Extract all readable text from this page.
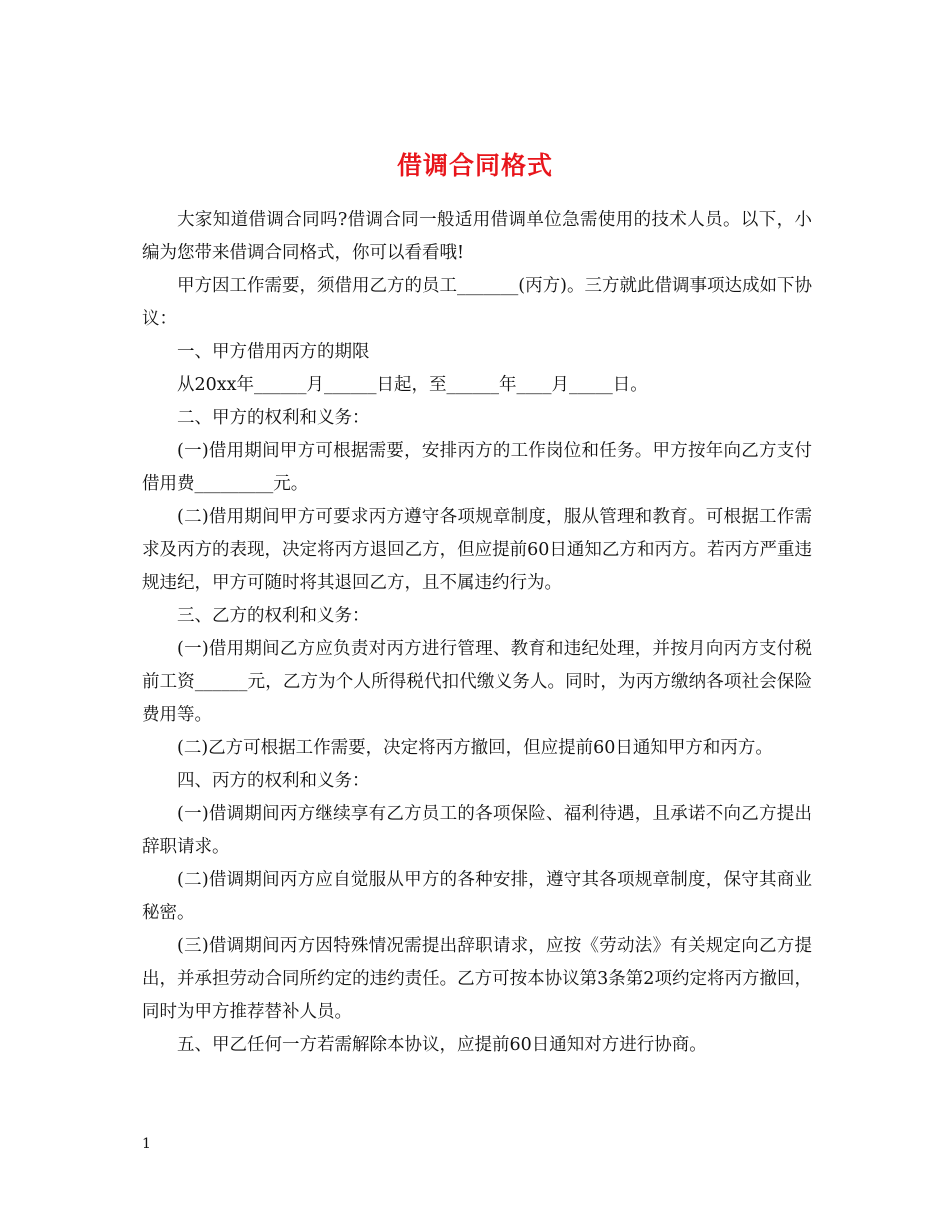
借调合同格式

大家知道借调合同吗?借调合同一般适用借调单位急需使用的技术人员。以下，小编为您带来借调合同格式，你可以看看哦!

甲方因工作需要，须借用乙方的员工_______(丙方)。三方就此借调事项达成如下协议：

一、甲方借用丙方的期限

从20xx年______月______日起，至______年____月_____日。

二、甲方的权利和义务：

(一)借用期间甲方可根据需要，安排丙方的工作岗位和任务。甲方按年向乙方支付借用费_________元。

(二)借用期间甲方可要求丙方遵守各项规章制度，服从管理和教育。可根据工作需求及丙方的表现，决定将丙方退回乙方，但应提前60日通知乙方和丙方。若丙方严重违规违纪，甲方可随时将其退回乙方，且不属违约行为。

三、乙方的权利和义务：

(一)借用期间乙方应负责对丙方进行管理、教育和违纪处理，并按月向丙方支付税前工资______元，乙方为个人所得税代扣代缴义务人。同时，为丙方缴纳各项社会保险费用等。

(二)乙方可根据工作需要，决定将丙方撤回，但应提前60日通知甲方和丙方。

四、丙方的权利和义务：

(一)借调期间丙方继续享有乙方员工的各项保险、福利待遇，且承诺不向乙方提出辞职请求。

(二)借调期间丙方应自觉服从甲方的各种安排，遵守其各项规章制度，保守其商业秘密。

(三)借调期间丙方因特殊情况需提出辞职请求，应按《劳动法》有关规定向乙方提出，并承担劳动合同所约定的违约责任。乙方可按本协议第3条第2项约定将丙方撤回，同时为甲方推荐替补人员。

五、甲乙任何一方若需解除本协议，应提前60日通知对方进行协商。

1
